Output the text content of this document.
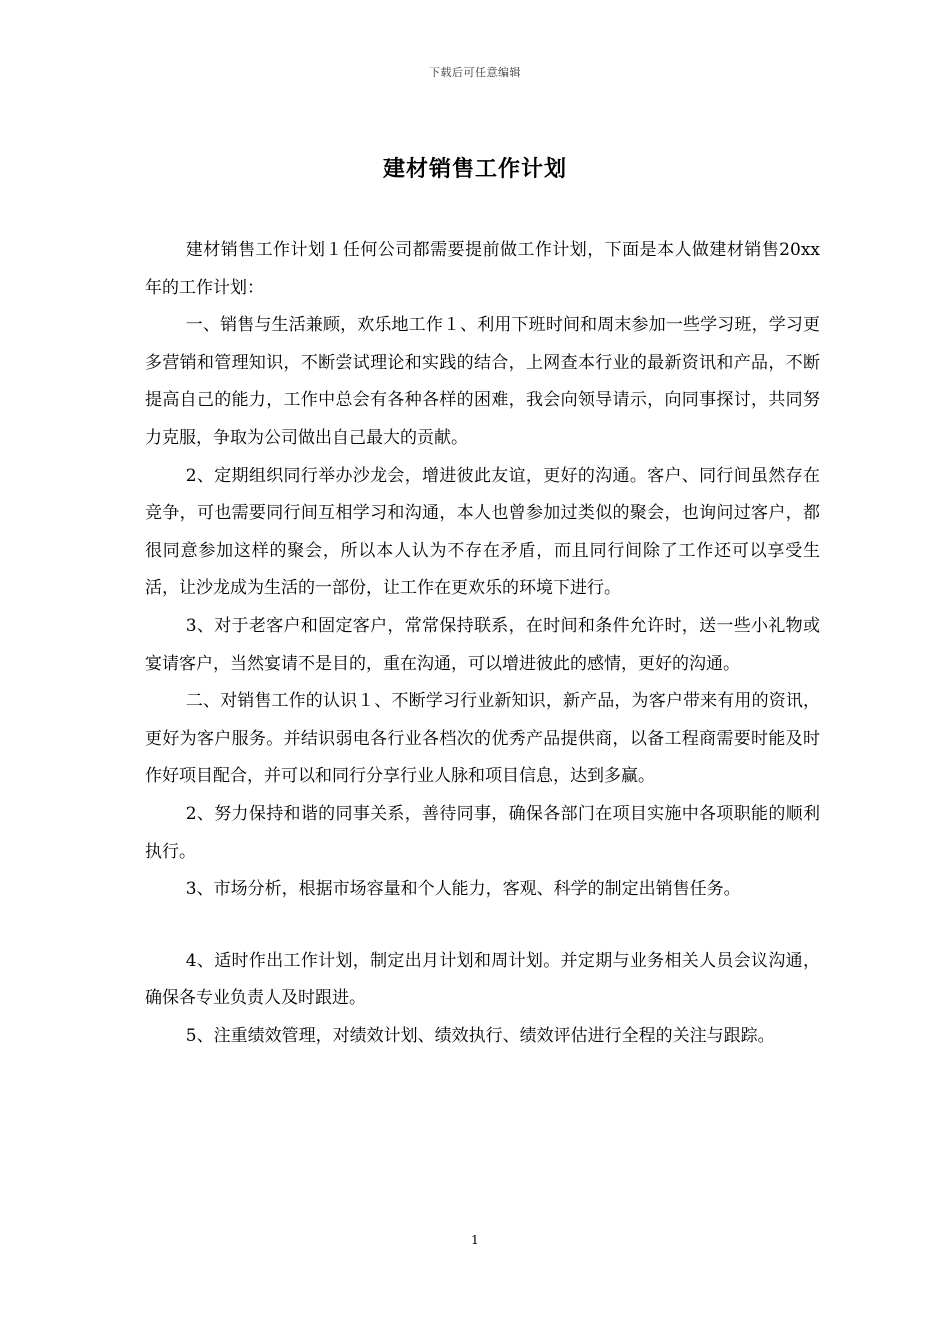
下载后可任意编辑
建材销售工作计划

建材销售工作计划１任何公司都需要提前做工作计划，下面是本人做建材销售20xx年的工作计划：

一、销售与生活兼顾，欢乐地工作１、利用下班时间和周末参加一些学习班，学习更多营销和管理知识，不断尝试理论和实践的结合，上网查本行业的最新资讯和产品，不断提高自己的能力，工作中总会有各种各样的困难，我会向领导请示，向同事探讨，共同努力克服，争取为公司做出自己最大的贡献。

2、定期组织同行举办沙龙会，增进彼此友谊，更好的沟通。客户、同行间虽然存在竞争，可也需要同行间互相学习和沟通，本人也曾参加过类似的聚会，也询问过客户，都很同意参加这样的聚会，所以本人认为不存在矛盾，而且同行间除了工作还可以享受生活，让沙龙成为生活的一部份，让工作在更欢乐的环境下进行。

3、对于老客户和固定客户，常常保持联系，在时间和条件允许时，送一些小礼物或宴请客户，当然宴请不是目的，重在沟通，可以增进彼此的感情，更好的沟通。

二、对销售工作的认识１、不断学习行业新知识，新产品，为客户带来有用的资讯，更好为客户服务。并结识弱电各行业各档次的优秀产品提供商，以备工程商需要时能及时作好项目配合，并可以和同行分享行业人脉和项目信息，达到多赢。

2、努力保持和谐的同事关系，善待同事，确保各部门在项目实施中各项职能的顺利执行。

3、市场分析，根据市场容量和个人能力，客观、科学的制定出销售任务。

4、适时作出工作计划，制定出月计划和周计划。并定期与业务相关人员会议沟通，确保各专业负责人及时跟进。

5、注重绩效管理，对绩效计划、绩效执行、绩效评估进行全程的关注与跟踪。

1
